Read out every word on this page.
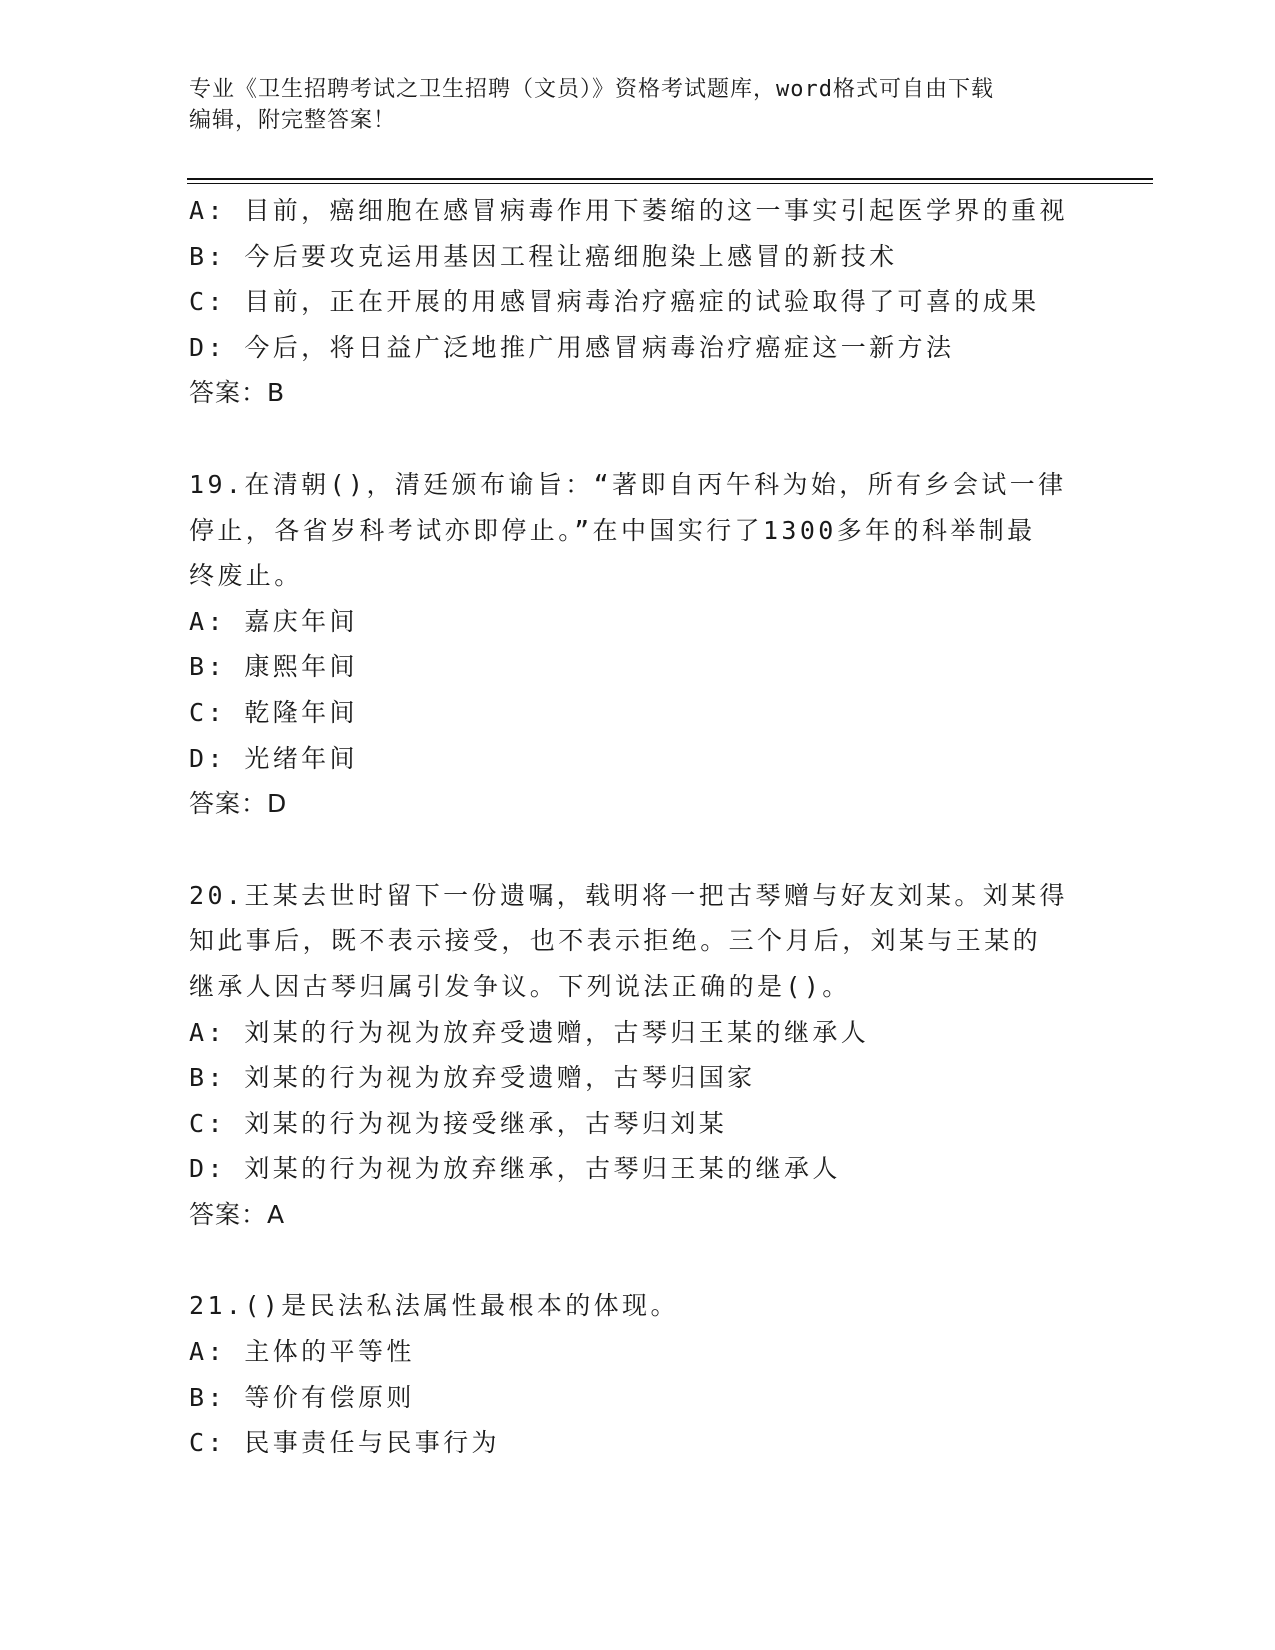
专业《卫生招聘考试之卫生招聘（文员）》资格考试题库，word格式可自由下载
编辑，附完整答案！

A: 目前，癌细胞在感冒病毒作用下萎缩的这一事实引起医学界的重视

B: 今后要攻克运用基因工程让癌细胞染上感冒的新技术

C: 目前，正在开展的用感冒病毒治疗癌症的试验取得了可喜的成果

D: 今后，将日益广泛地推广用感冒病毒治疗癌症这一新方法

答案：B

19.在清朝()，清廷颁布谕旨：“著即自丙午科为始，所有乡会试一律

停止，各省岁科考试亦即停止。”在中国实行了1300多年的科举制最

终废止。

A: 嘉庆年间

B: 康熙年间

C: 乾隆年间

D: 光绪年间

答案：D

20.王某去世时留下一份遗嘱，载明将一把古琴赠与好友刘某。刘某得

知此事后，既不表示接受，也不表示拒绝。三个月后，刘某与王某的

继承人因古琴归属引发争议。下列说法正确的是()。

A: 刘某的行为视为放弃受遗赠，古琴归王某的继承人

B: 刘某的行为视为放弃受遗赠，古琴归国家

C: 刘某的行为视为接受继承，古琴归刘某

D: 刘某的行为视为放弃继承，古琴归王某的继承人

答案：A

21.()是民法私法属性最根本的体现。

A: 主体的平等性

B: 等价有偿原则

C: 民事责任与民事行为
